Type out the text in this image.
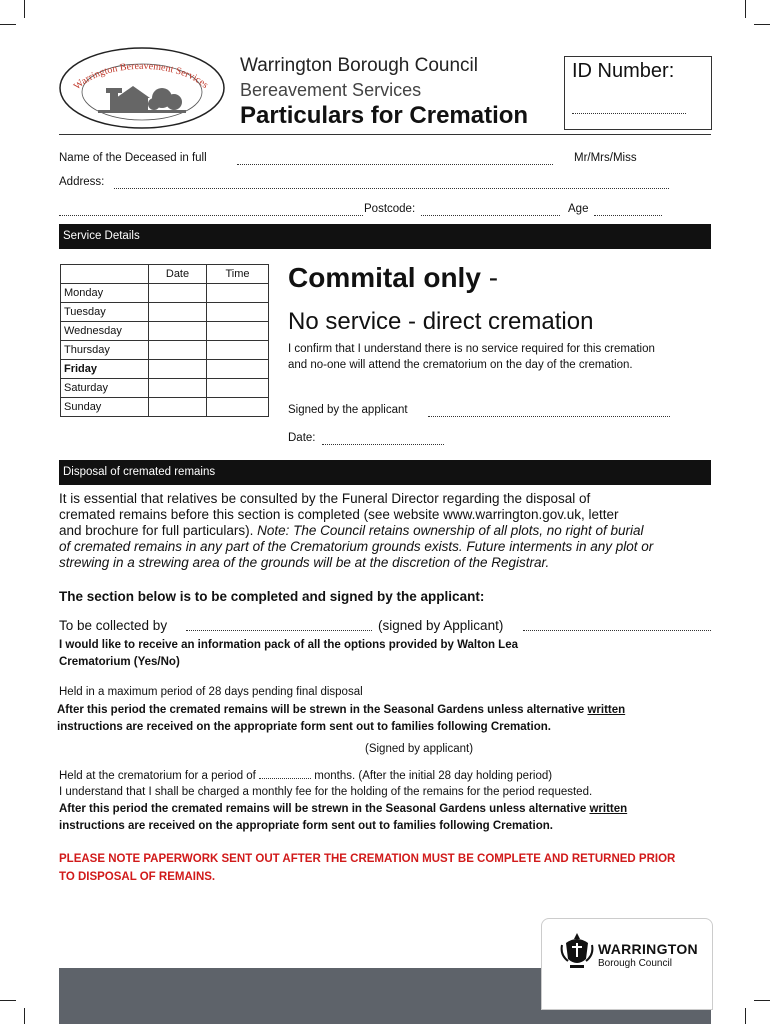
Warrington Bereavement Services
Warrington Borough Council
Bereavement Services
Particulars for Cremation
ID Number:
Name of the Deceased in full	Mr/Mrs/Miss
Address:
Postcode:	Age
Service Details
	Date	Time
Monday		
Tuesday		
Wednesday		
Thursday		
Friday		
Saturday		
Sunday		
Commital only -
No service - direct cremation
I confirm that I understand there is no service required for this cremation
and no-one will attend the crematorium on the day of the cremation.
Signed by the applicant
Date:
Disposal of cremated remains
It is essential that relatives be consulted by the Funeral Director regarding the disposal of
cremated remains before this section is completed (see website www.warrington.gov.uk, letter
and brochure for full particulars). Note: The Council retains ownership of all plots, no right of burial
of cremated remains in any part of the Crematorium grounds exists. Future interments in any plot or
strewing in a strewing area of the grounds will be at the discretion of the Registrar.
The section below is to be completed and signed by the applicant:
To be collected by	(signed by Applicant)
I would like to receive an information pack of all the options provided by Walton Lea
Crematorium (Yes/No)
Held in a maximum period of 28 days pending final disposal
After this period the cremated remains will be strewn in the Seasonal Gardens unless alternative written
instructions are received on the appropriate form sent out to families following Cremation.
(Signed by applicant)
Held at the crematorium for a period of	months. (After the initial 28 day holding period)
I understand that I shall be charged a monthly fee for the holding of the remains for the period requested.
After this period the cremated remains will be strewn in the Seasonal Gardens unless alternative written
instructions are received on the appropriate form sent out to families following Cremation.
PLEASE NOTE PAPERWORK SENT OUT AFTER THE CREMATION MUST BE COMPLETE AND RETURNED PRIOR
TO DISPOSAL OF REMAINS.
WARRINGTON
Borough Council
